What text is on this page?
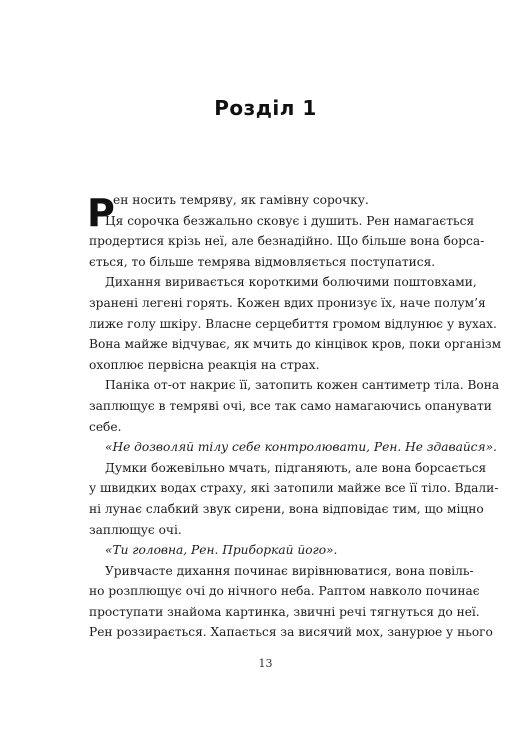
Розділ 1
Р
ен носить темряву, як гамівну сорочку.
Ця сорочка безжально сковує і душить. Рен намагається
продертися крізь неї, але безнадійно. Що більше вона борса-
ється, то більше темрява відмовляється поступатися.
Дихання виривається короткими болючими поштовхами,
зранені легені горять. Кожен вдих пронизує їх, наче полум’я
лиже голу шкіру. Власне серцебиття громом відлунює у вухах.
Вона майже відчуває, як мчить до кінцівок кров, поки організм
охоплює первісна реакція на страх.
Паніка от-от накриє її, затопить кожен сантиметр тіла. Вона
заплющує в темряві очі, все так само намагаючись опанувати
себе.
«Не дозволяй тілу себе контролювати, Рен. Не здавайся».
Думки божевільно мчать, підганяють, але вона борсається
у швидких водах страху, які затопили майже все її тіло. Вдали-
ні лунає слабкий звук сирени, вона відповідає тим, що міцно
заплющує очі.
«Ти головна, Рен. Приборкай його».
Уривчасте дихання починає вирівнюватися, вона повіль-
но розплющує очі до нічного неба. Раптом навколо починає
проступати знайома картинка, звичні речі тягнуться до неї.
Рен роззирається. Хапається за висячий мох, занурюе у нього
13
